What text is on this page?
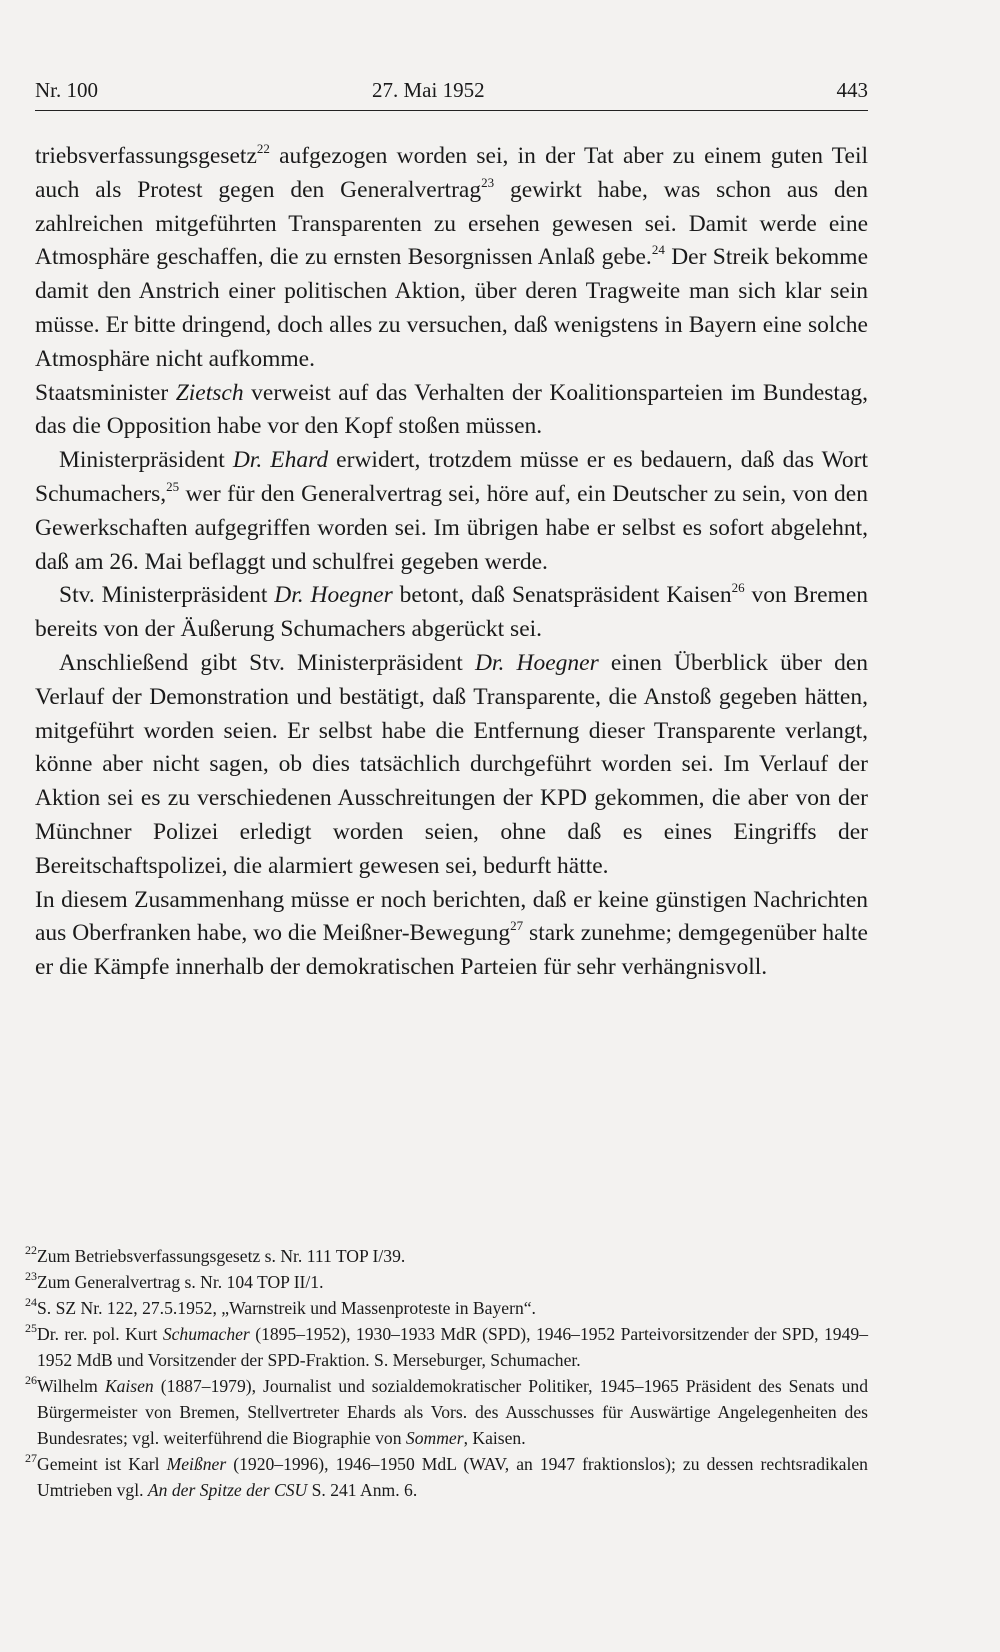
Nr. 100	27. Mai 1952	443

triebsverfassungsgesetz$^{22}$ aufgezogen worden sei, in der Tat aber zu einem guten Teil auch als Protest gegen den Generalvertrag$^{23}$ gewirkt habe, was schon aus den zahlreichen mitgeführten Transparenten zu ersehen gewesen sei. Damit werde eine Atmosphäre geschaffen, die zu ernsten Besorgnissen Anlaß gebe.$^{24}$ Der Streik bekomme damit den Anstrich einer politischen Aktion, über deren Tragweite man sich klar sein müsse. Er bitte dringend, doch alles zu versuchen, daß wenigstens in Bayern eine solche Atmosphäre nicht aufkomme.

Staatsminister Zietsch verweist auf das Verhalten der Koalitionsparteien im Bundestag, das die Opposition habe vor den Kopf stoßen müssen.

Ministerpräsident Dr. Ehard erwidert, trotzdem müsse er es bedauern, daß das Wort Schumachers,$^{25}$ wer für den Generalvertrag sei, höre auf, ein Deutscher zu sein, von den Gewerkschaften aufgegriffen worden sei. Im übrigen habe er selbst es sofort abgelehnt, daß am 26. Mai beflaggt und schulfrei gegeben werde.

Stv. Ministerpräsident Dr. Hoegner betont, daß Senatspräsident Kaisen$^{26}$ von Bremen bereits von der Äußerung Schumachers abgerückt sei.

Anschließend gibt Stv. Ministerpräsident Dr. Hoegner einen Überblick über den Verlauf der Demonstration und bestätigt, daß Transparente, die Anstoß gegeben hätten, mitgeführt worden seien. Er selbst habe die Entfernung dieser Transparente verlangt, könne aber nicht sagen, ob dies tatsächlich durchgeführt worden sei. Im Verlauf der Aktion sei es zu verschiedenen Ausschreitungen der KPD gekommen, die aber von der Münchner Polizei erledigt worden seien, ohne daß es eines Eingriffs der Bereitschaftspolizei, die alarmiert gewesen sei, bedurft hätte.

In diesem Zusammenhang müsse er noch berichten, daß er keine günstigen Nachrichten aus Oberfranken habe, wo die Meißner-Bewegung$^{27}$ stark zunehme; demgegenüber halte er die Kämpfe innerhalb der demokratischen Parteien für sehr verhängnisvoll.

22 Zum Betriebsverfassungsgesetz s. Nr. 111 TOP I/39.

23 Zum Generalvertrag s. Nr. 104 TOP II/1.

24 S. SZ Nr. 122, 27.5.1952, „Warnstreik und Massenproteste in Bayern“.

25 Dr. rer. pol. Kurt Schumacher (1895–1952), 1930–1933 MdR (SPD), 1946–1952 Parteivorsitzender der SPD, 1949–1952 MdB und Vorsitzender der SPD-Fraktion. S. Merseburger, Schumacher.

26 Wilhelm Kaisen (1887–1979), Journalist und sozialdemokratischer Politiker, 1945–1965 Präsident des Senats und Bürgermeister von Bremen, Stellvertreter Ehards als Vors. des Ausschusses für Auswärtige Angelegenheiten des Bundesrates; vgl. weiterführend die Biographie von Sommer, Kaisen.

27 Gemeint ist Karl Meißner (1920–1996), 1946–1950 MdL (WAV, an 1947 fraktionslos); zu dessen rechtsradikalen Umtrieben vgl. An der Spitze der CSU S. 241 Anm. 6.
